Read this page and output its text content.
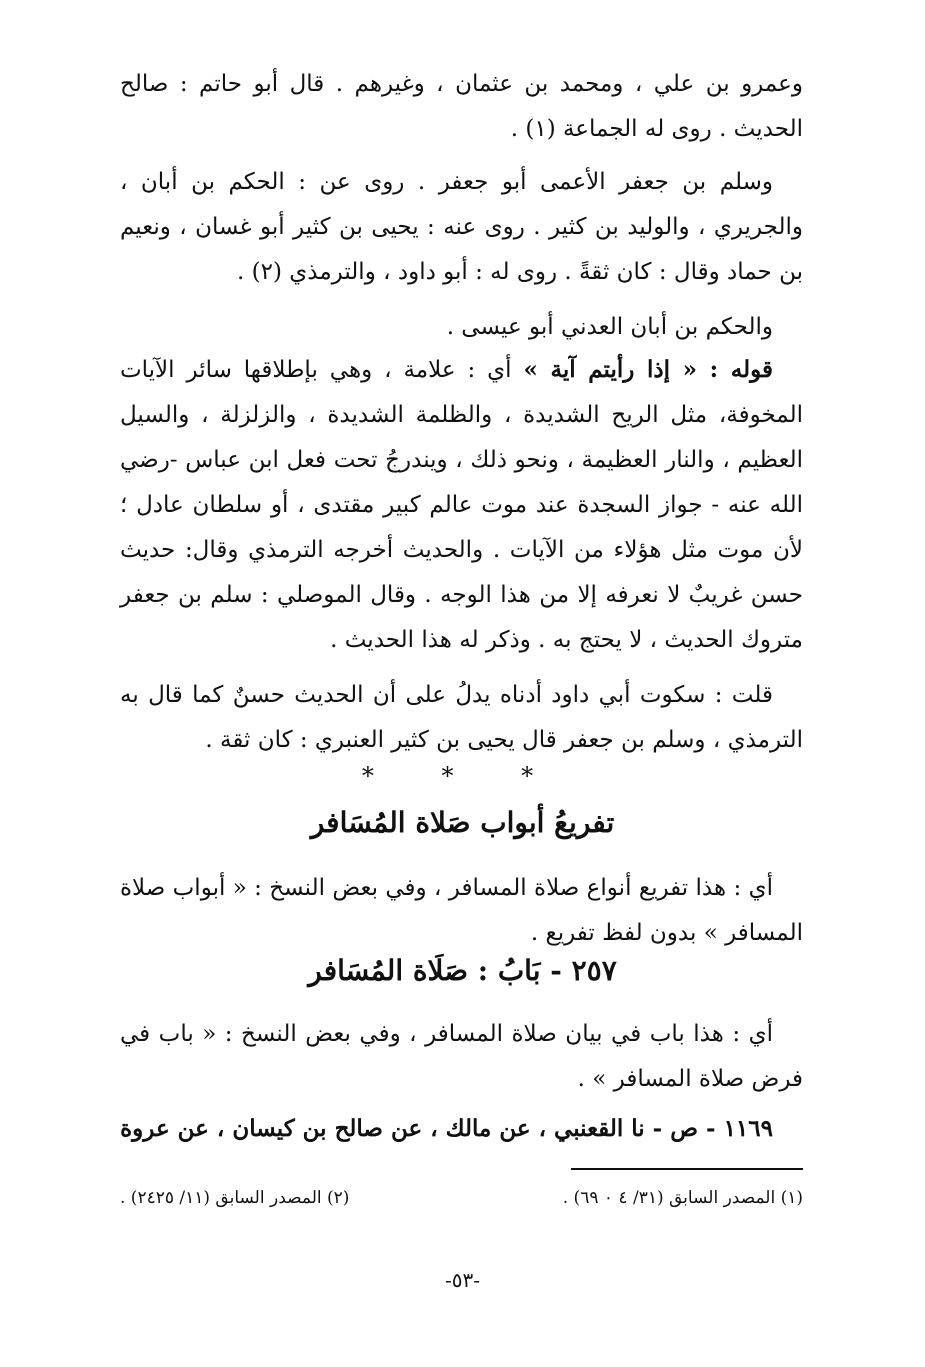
وعمرو بن علي ، ومحمد بن عثمان ، وغيرهم . قال أبو حاتم : صالح الحديث . روى له الجماعة (١) .

وسلم بن جعفر الأعمى أبو جعفر . روى عن : الحكم بن أبان ، والجريري ، والوليد بن كثير . روى عنه : يحيى بن كثير أبو غسان ، ونعيم بن حماد وقال : كان ثقةً . روى له : أبو داود ، والترمذي (٢) .

والحكم بن أبان العدني أبو عيسى .

قوله : « إذا رأيتم آية » أي : علامة ، وهي بإطلاقها سائر الآيات المخوفة، مثل الريح الشديدة ، والظلمة الشديدة ، والزلزلة ، والسيل العظيم ، والنار العظيمة ، ونحو ذلك ، ويندرجُ تحت فعل ابن عباس -رضي الله عنه - جواز السجدة عند موت عالم كبير مقتدى ، أو سلطان عادل ؛ لأن موت مثل هؤلاء من الآيات . والحديث أخرجه الترمذي وقال: حديث حسن غريبٌ لا نعرفه إلا من هذا الوجه . وقال الموصلي : سلم بن جعفر متروك الحديث ، لا يحتج به . وذكر له هذا الحديث .

قلت : سكوت أبي داود أدناه يدلُ على أن الحديث حسنٌ كما قال به الترمذي ، وسلم بن جعفر قال يحيى بن كثير العنبري : كان ثقة .

* * *
تفريعُ أبواب صَلاة المُسَافر

أي : هذا تفريع أنواع صلاة المسافر ، وفي بعض النسخ : « أبواب صلاة المسافر » بدون لفظ تفريع .

٢٥٧ - بَابُ : صَلَاة المُسَافر

أي : هذا باب في بيان صلاة المسافر ، وفي بعض النسخ : « باب في فرض صلاة المسافر » .

١١٦٩ - ص - نا القعنبي ، عن مالك ، عن صالح بن كيسان ، عن عروة

(١) المصدر السابق (٣١/ ٤ ٠ ٦٩) .
(٢) المصدر السابق (١١/ ٢٤٢٥) .
-٥٣-
